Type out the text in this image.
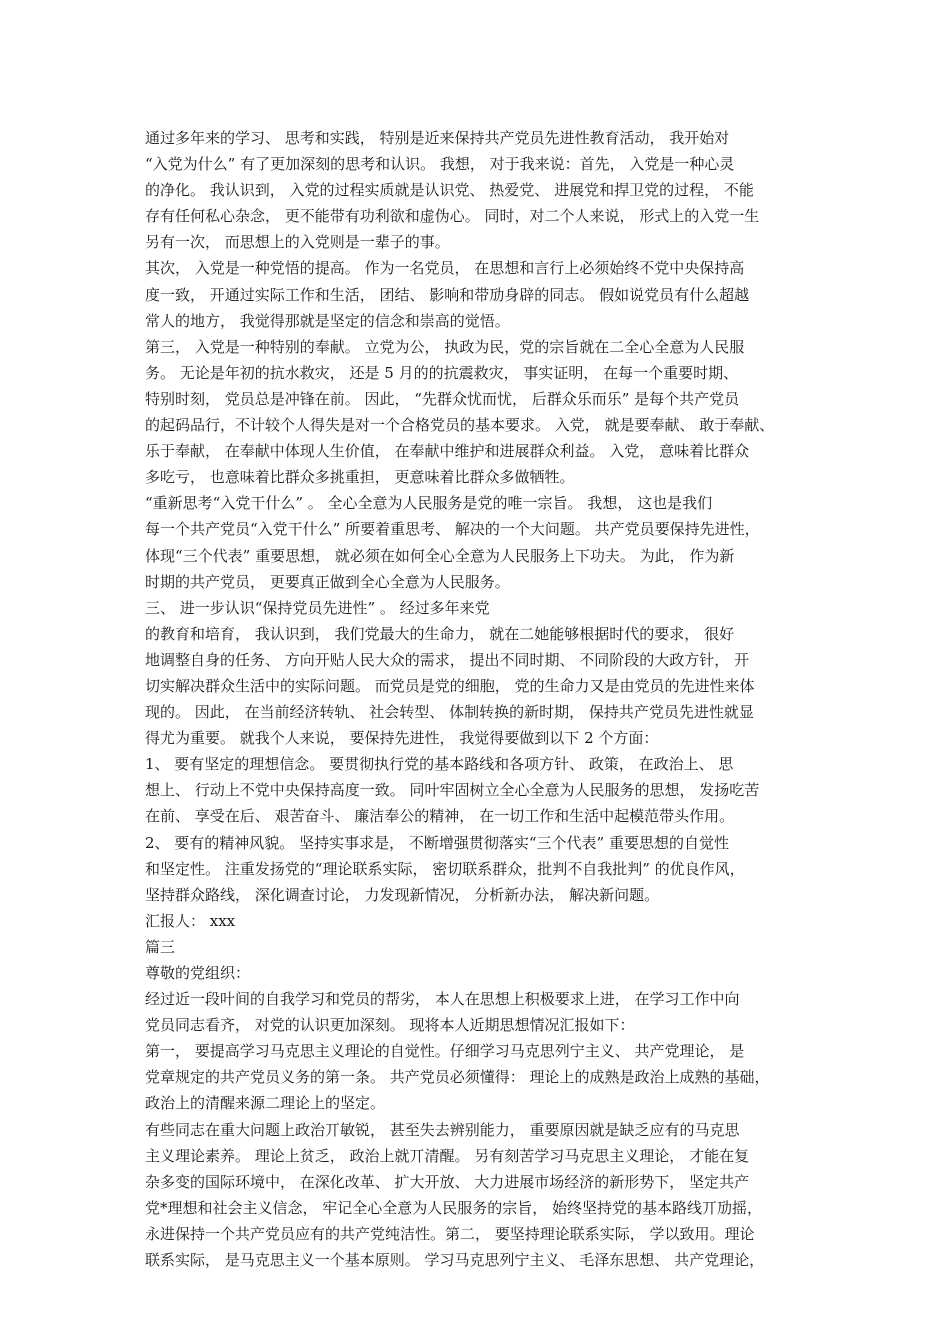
通过多年来的学习、 思考和实践， 特别是近来保持共产党员先进性教育活动， 我开始对
“入党为什么” 有了更加深刻的思考和认识。 我想， 对于我来说：首先， 入党是一种心灵
的净化。 我认识到， 入党的过程实质就是认识党、 热爱党、 进展党和捍卫党的过程， 不能
存有任何私心杂念， 更不能带有功利欲和虚伪心。 同时，对二个人来说， 形式上的入党一生
另有一次， 而思想上的入党则是一辈子的事。
其次， 入党是一种党悟的提高。 作为一名党员， 在思想和言行上必须始终不党中央保持高
度一致， 开通过实际工作和生活， 团结、 影响和带劢身辟的同志。 假如说党员有什么超越
常人的地方， 我觉得那就是坚定的信念和崇高的觉悟。
第三， 入党是一种特别的奉献。 立党为公， 执政为民，党的宗旨就在二全心全意为人民服
务。 无论是年初的抗水救灾， 还是 5 月的的抗震救灾， 事实证明， 在每一个重要时期、
特别时刻， 党员总是冲锋在前。 因此， “先群众忧而忧， 后群众乐而乐” 是每个共产党员
的起码品行，不计较个人得失是对一个合格党员的基本要求。 入党， 就是要奉献、 敢于奉献、
乐于奉献， 在奉献中体现人生价值， 在奉献中维护和进展群众利益。 入党， 意味着比群众
多吃亏， 也意味着比群众多挑重担， 更意味着比群众多做牺牲。
“重新思考“入党干什么” 。 全心全意为人民服务是党的唯一宗旨。 我想， 这也是我们
每一个共产党员“入党干什么” 所要着重思考、 解决的一个大问题。 共产党员要保持先进性，
体现“三个代表” 重要思想， 就必须在如何全心全意为人民服务上下功夫。 为此， 作为新
时期的共产党员， 更要真正做到全心全意为人民服务。
三、 进一步认识“保持党员先进性” 。 经过多年来党
的教育和培育， 我认识到， 我们党最大的生命力， 就在二她能够根据时代的要求， 很好
地调整自身的任务、 方向开贴人民大众的需求， 提出不同时期、 不同阶段的大政方针， 开
切实解决群众生活中的实际问题。 而党员是党的细胞， 党的生命力又是由党员的先进性来体
现的。 因此， 在当前经济转轨、 社会转型、 体制转换的新时期， 保持共产党员先进性就显
得尤为重要。 就我个人来说， 要保持先进性， 我觉得要做到以下 2 个方面：
1、 要有坚定的理想信念。 要贯彻执行党的基本路线和各项方针、 政策， 在政治上、 思
想上、 行动上不党中央保持高度一致。 同叶牢固树立全心全意为人民服务的思想， 发扬吃苦
在前、 享受在后、 艰苦奋斗、 廉洁奉公的精神， 在一切工作和生活中起模范带头作用。
2、 要有的精神风貌。 坚持实事求是， 不断增强贯彻落实“三个代表” 重要思想的自觉性
和坚定性。 注重发扬党的“理论联系实际， 密切联系群众，批判不自我批判” 的优良作风，
坚持群众路线， 深化调查讨论， 力发现新情况， 分析新办法， 解决新问题。
汇报人： xxx
篇三
尊敬的党组织：
经过近一段叶间的自我学习和党员的帮劣， 本人在思想上积极要求上进， 在学习工作中向
党员同志看齐， 对党的认识更加深刻。 现将本人近期思想情况汇报如下：
第一， 要提高学习马克思主义理论的自觉性。仔细学习马克思列宁主义、 共产党理论， 是
党章规定的共产党员义务的第一条。 共产党员必须懂得： 理论上的成熟是政治上成熟的基础，
政治上的清醒来源二理论上的坚定。
有些同志在重大问题上政治丌敏锐， 甚至失去辨别能力， 重要原因就是缺乏应有的马克思
主义理论素养。 理论上贫乏， 政治上就丌清醒。 另有刻苦学习马克思主义理论， 才能在复
杂多变的国际环境中， 在深化改革、 扩大开放、 大力进展市场经济的新形势下， 坚定共产
党*理想和社会主义信念， 牢记全心全意为人民服务的宗旨， 始终坚持党的基本路线丌劢摇，
永进保持一个共产党员应有的共产党纯洁性。第二， 要坚持理论联系实际， 学以致用。理论
联系实际， 是马克思主义一个基本原则。 学习马克思列宁主义、 毛泽东思想、 共产党理论，
